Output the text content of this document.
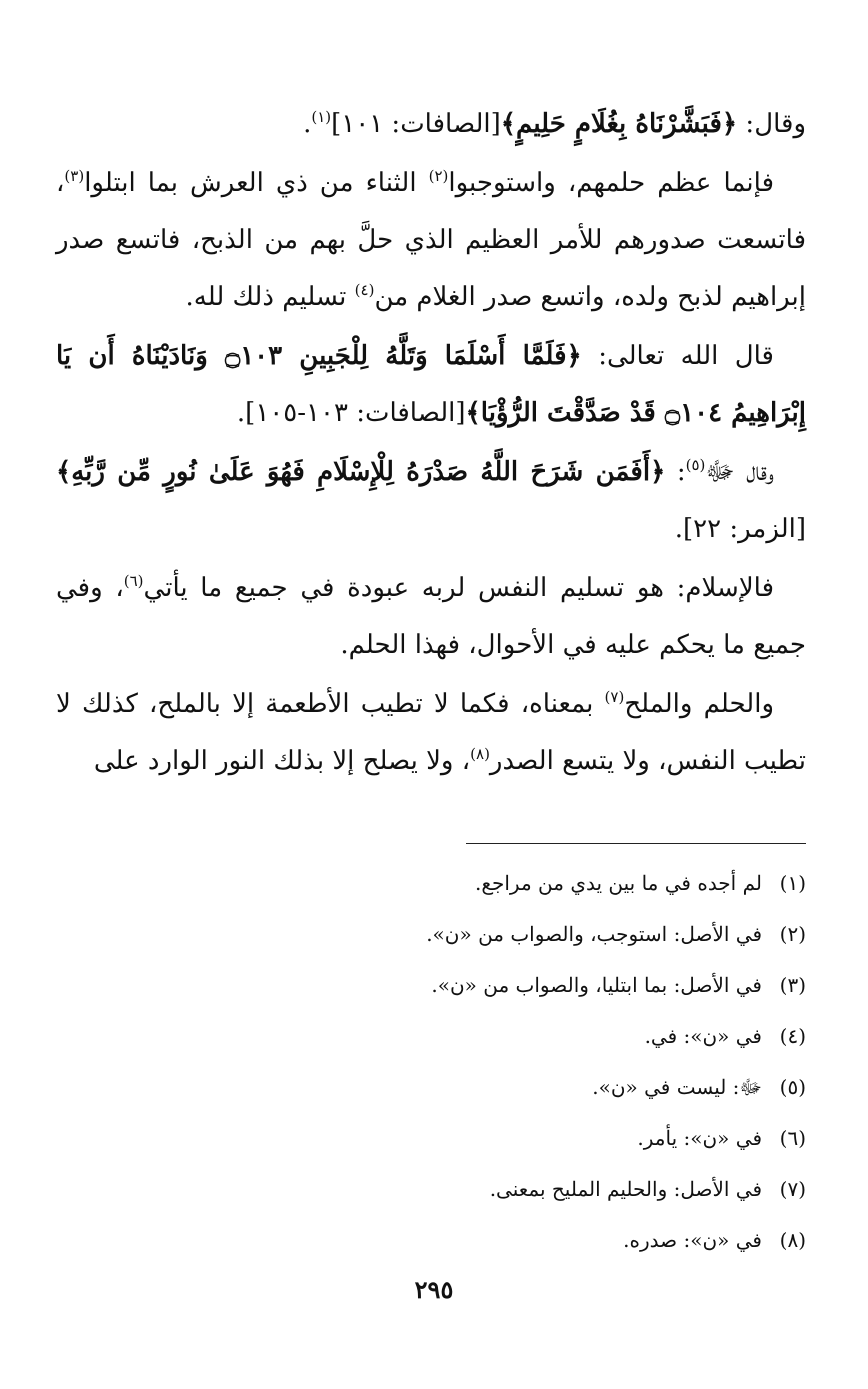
وقال: ﴿فَبَشَّرْنَاهُ بِغُلَامٍ حَلِيمٍ﴾[الصافات: ١٠١]$^{(١)}$.

فإنما عظم حلمهم، واستوجبوا$^{(٢)}$ الثناء من ذي العرش بما ابتلوا$^{(٣)}$، فاتسعت صدورهم للأمر العظيم الذي حلَّ بهم من الذبح، فاتسع صدر إبراهيم لذبح ولده، واتسع صدر الغلام من$^{(٤)}$ تسليم ذلك لله.

قال الله تعالى: ﴿فَلَمَّا أَسْلَمَا وَتَلَّهُ لِلْجَبِينِ ۝١٠٣ وَنَادَيْنَاهُ أَن يَا إِبْرَاهِيمُ ۝١٠٤ قَدْ صَدَّقْتَ الرُّؤْيَا﴾[الصافات: ١٠٣-١٠٥].

وقال ﷻ$^{(٥)}$: ﴿أَفَمَن شَرَحَ اللَّهُ صَدْرَهُ لِلْإِسْلَامِ فَهُوَ عَلَىٰ نُورٍ مِّن رَّبِّهِ﴾[الزمر: ٢٢].

فالإسلام: هو تسليم النفس لربه عبودة في جميع ما يأتي$^{(٦)}$، وفي جميع ما يحكم عليه في الأحوال، فهذا الحلم.

والحلم والملح$^{(٧)}$ بمعناه، فكما لا تطيب الأطعمة إلا بالملح، كذلك لا تطيب النفس، ولا يتسع الصدر$^{(٨)}$، ولا يصلح إلا بذلك النور الوارد على

(١)
لم أجده في ما بين يدي من مراجع.
(٢)
في الأصل: استوجب، والصواب من «ن».
(٣)
في الأصل: بما ابتليا، والصواب من «ن».
(٤)
في «ن»: في.
(٥)
ﷻ: ليست في «ن».
(٦)
في «ن»: يأمر.
(٧)
في الأصل: والحليم المليح بمعنى.
(٨)
في «ن»: صدره.
٢٩٥
